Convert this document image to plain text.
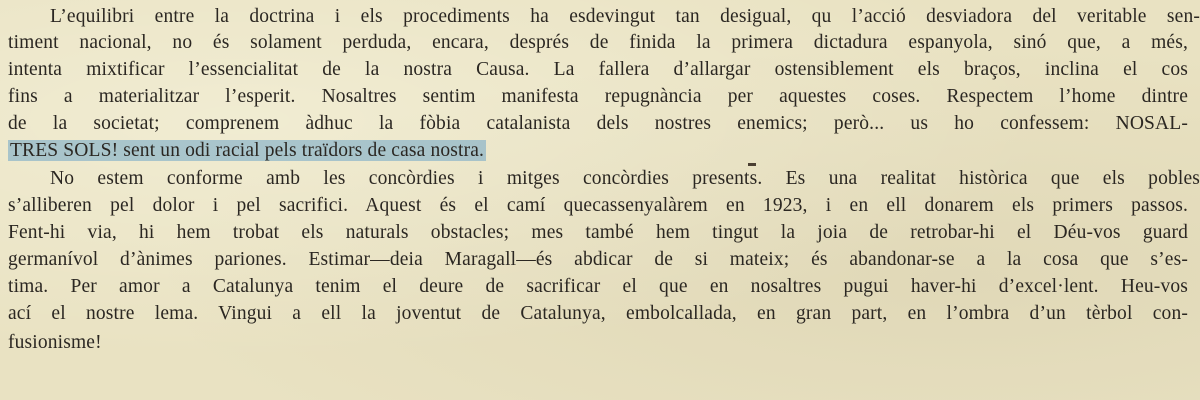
L’equilibri entre la doctrina i els procediments ha esdevingut tan desigual, qu l’acció desviadora del veritable sen-
timent nacional, no és solament perduda, encara, després de finida la primera dictadura espanyola, sinó que, a més,
intenta mixtificar l’essencialitat de la nostra Causa. La fallera d’allargar ostensiblement els braços, inclina el cos
fins a materialitzar l’esperit. Nosaltres sentim manifesta repugnància per aquestes coses. Respectem l’home dintre
de la societat; comprenem àdhuc la fòbia catalanista dels nostres enemics; però... us ho confessem: NOSAL-
TRES SOLS! sent un odi racial pels traïdors de casa nostra.
No estem conforme amb les concòrdies i mitges concòrdies presents. Es una realitat històrica que els pobles
s’alliberen pel dolor i pel sacrifici. Aquest és el camí quecassenyalàrem en 1923, i en ell donarem els primers passos.
Fent-hi via, hi hem trobat els naturals obstacles; mes també hem tingut la joia de retrobar-hi el Déu-vos guard
germanívol d’ànimes pariones. Estimar—deia Maragall—és abdicar de si mateix; és abandonar-se a la cosa que s’es-
tima. Per amor a Catalunya tenim el deure de sacrificar el que en nosaltres pugui haver-hi d’excel·lent. Heu-vos
ací el nostre lema. Vingui a ell la joventut de Catalunya, embolcallada, en gran part, en l’ombra d’un tèrbol con-
fusionisme!
